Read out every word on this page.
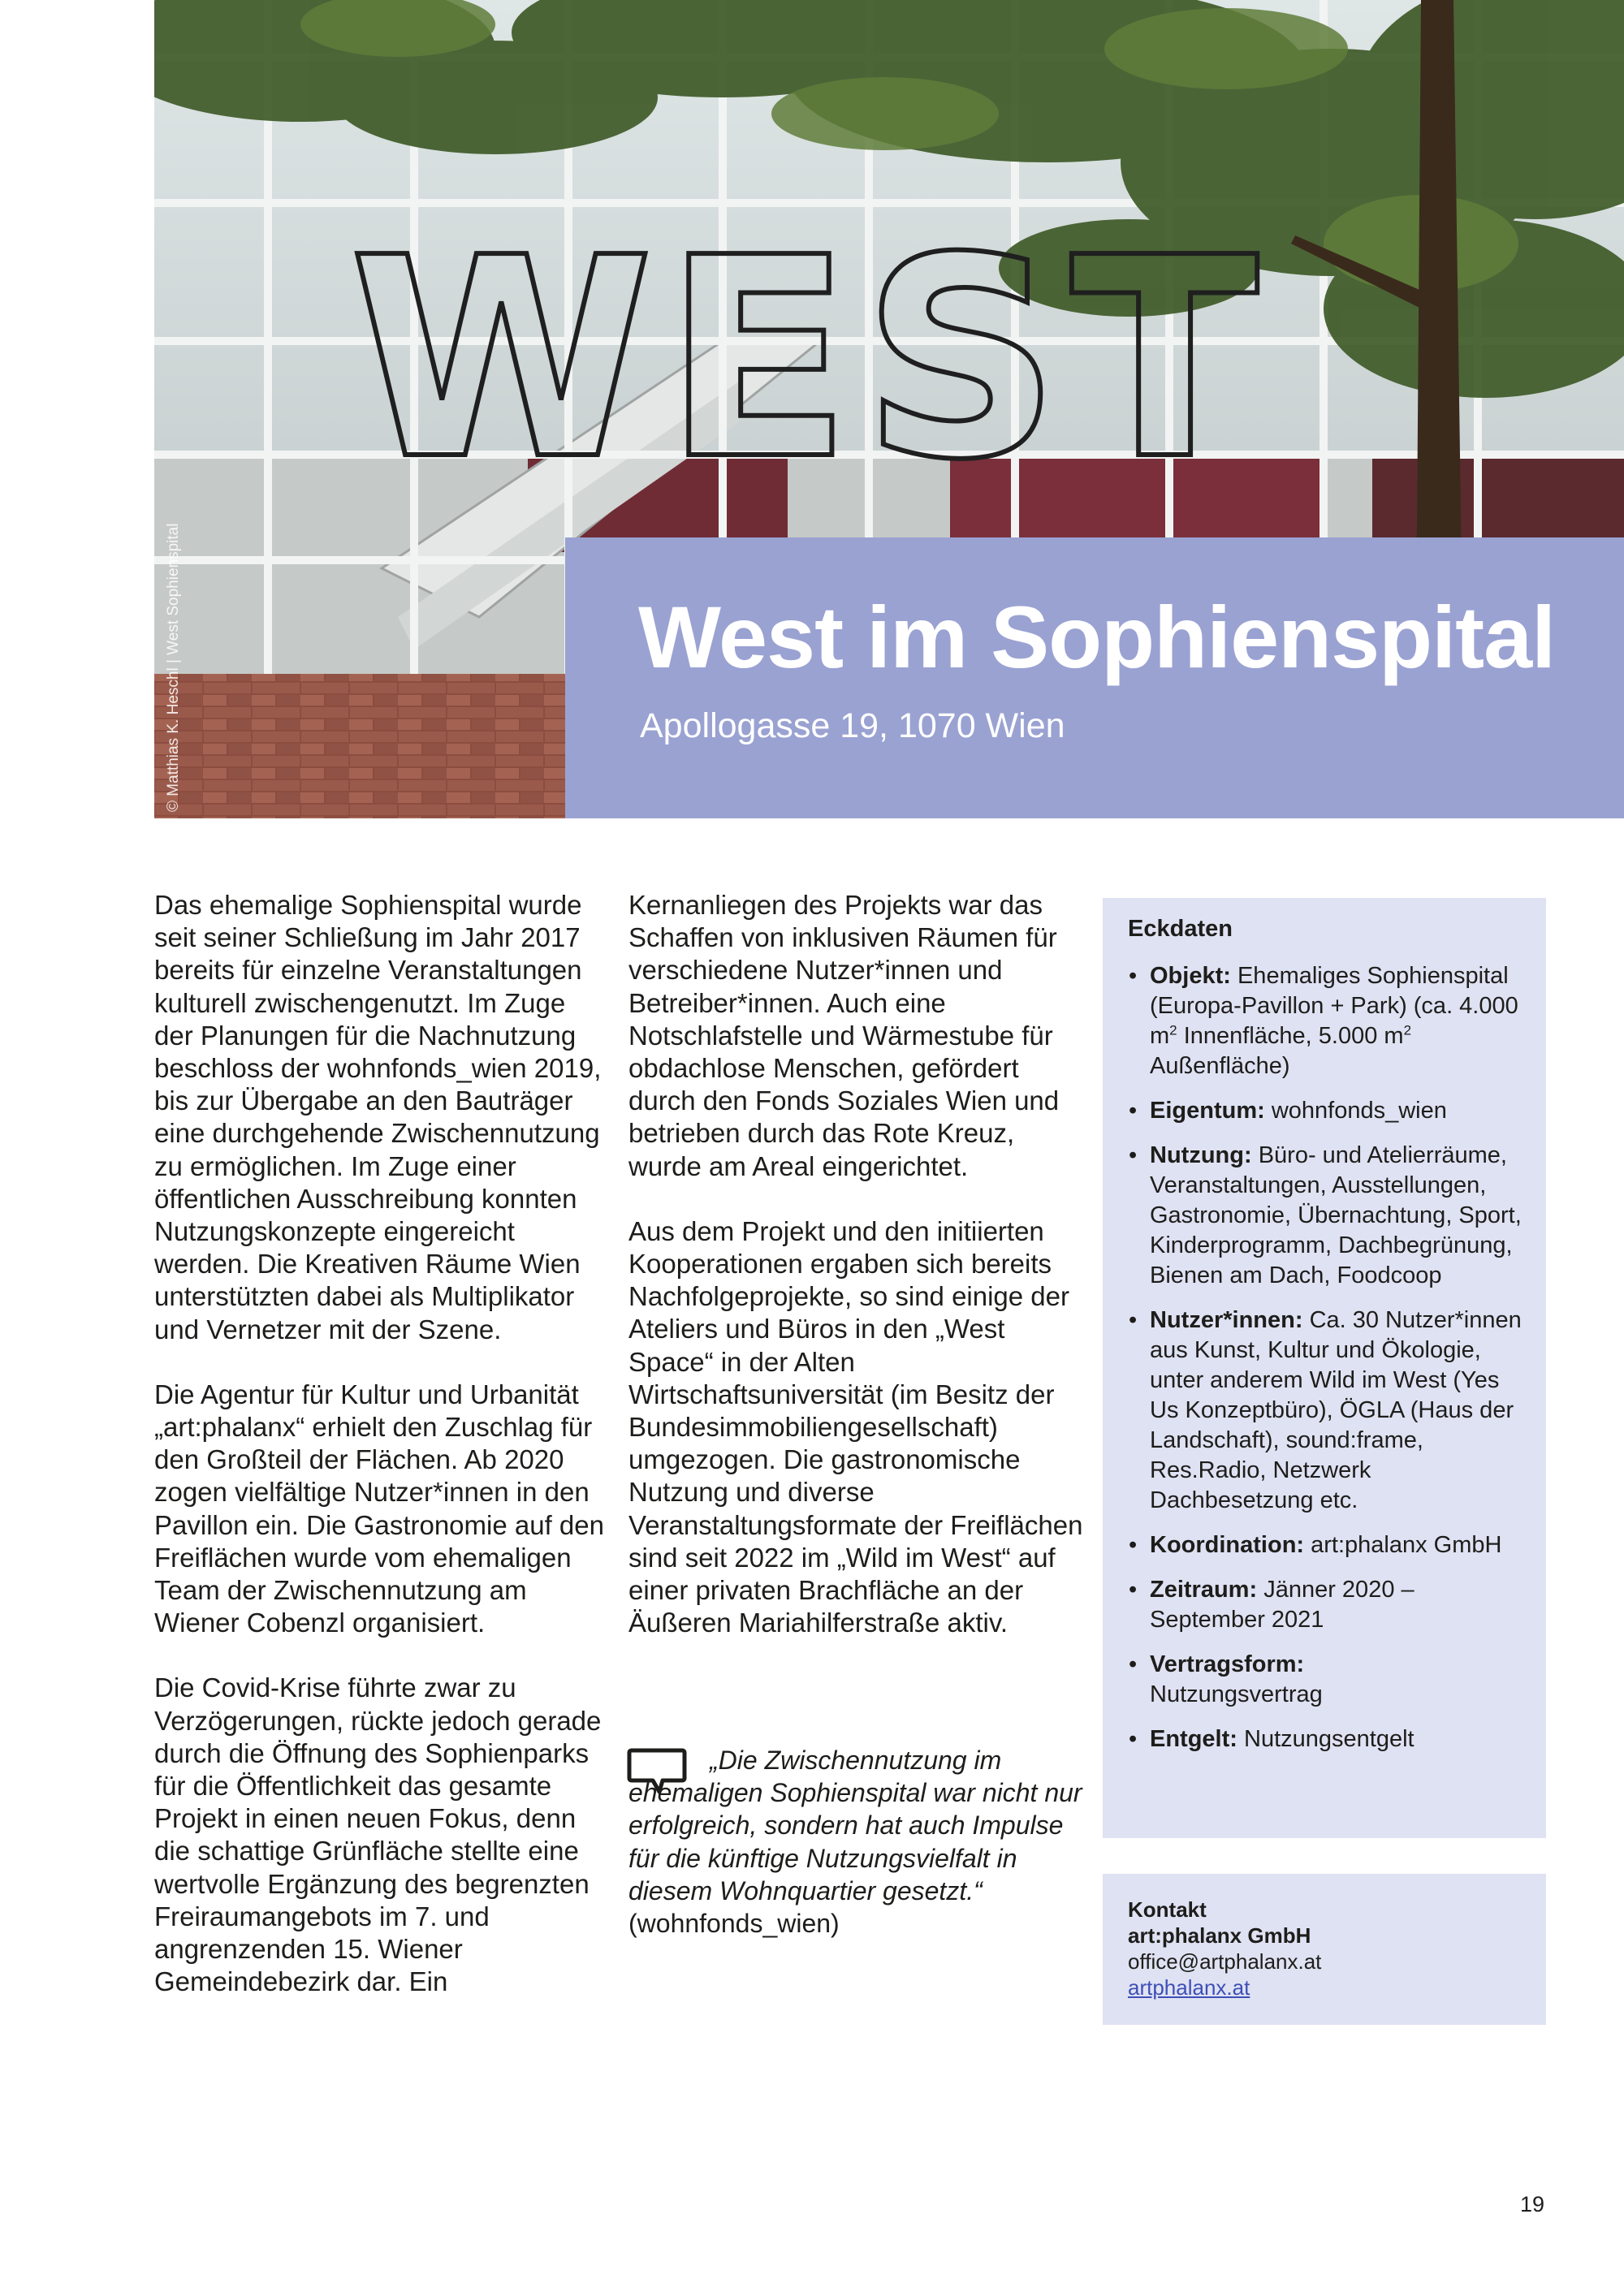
WEST
© Matthias K. Heschl | West Sophienspital	West im Sophienspital
Apollogasse 19, 1070 Wien

Das ehemalige Sophienspital wurde seit seiner Schließung im Jahr 2017 bereits für einzelne Veranstaltungen kulturell zwischengenutzt. Im Zuge der Planungen für die Nachnutzung beschloss der wohnfonds_wien 2019, bis zur Übergabe an den Bauträger eine durchgehende Zwischennutzung zu ermöglichen. Im Zuge einer öffentlichen Ausschreibung konnten Nutzungskonzepte eingereicht werden. Die Kreativen Räume Wien unterstützten dabei als Multiplikator und Vernetzer mit der Szene.

Die Agentur für Kultur und Urbanität „art:phalanx“ erhielt den Zuschlag für den Großteil der Flächen. Ab 2020 zogen vielfältige Nutzer*innen in den Pavillon ein. Die Gastronomie auf den Freiflächen wurde vom ehemaligen Team der Zwischennutzung am Wiener Cobenzl organisiert.

Die Covid-Krise führte zwar zu Verzögerungen, rückte jedoch gerade durch die Öffnung des Sophienparks für die Öffentlichkeit das gesamte Projekt in einen neuen Fokus, denn die schattige Grünfläche stellte eine wertvolle Ergänzung des begrenzten Freiraumangebots im 7. und angrenzenden 15. Wiener Gemeindebezirk dar. Ein

Kernanliegen des Projekts war das Schaffen von inklusiven Räumen für verschiedene Nutzer*innen und Betreiber*innen. Auch eine Notschlafstelle und Wärmestube für obdachlose Menschen, gefördert durch den Fonds Soziales Wien und betrieben durch das Rote Kreuz, wurde am Areal eingerichtet.

Aus dem Projekt und den initiierten Kooperationen ergaben sich bereits Nachfolgeprojekte, so sind einige der Ateliers und Büros in den „West Space“ in der Alten Wirtschaftsuniversität (im Besitz der Bundesimmobiliengesellschaft) umgezogen. Die gastronomische Nutzung und diverse Veranstaltungsformate der Freiflächen sind seit 2022 im „Wild im West“ auf einer privaten Brachfläche an der Äußeren Mariahilferstraße aktiv.

„Die Zwischennutzung im ehemaligen Sophienspital war nicht nur erfolgreich, sondern hat auch Impulse für die künftige Nutzungsvielfalt in diesem Wohnquartier gesetzt.“

(wohnfonds_wien)

Eckdaten
• Objekt: Ehemaliges Sophienspital (Europa-Pavillon + Park) (ca. 4.000 $m^2$ Innenfläche, 5.000 $m^2$ Außenfläche)
• Eigentum: wohnfonds_wien
• Nutzung: Büro- und Atelierräume, Veranstaltungen, Ausstellungen, Gastronomie, Übernachtung, Sport, Kinderprogramm, Dachbegrünung, Bienen am Dach, Foodcoop
• Nutzer*innen: Ca. 30 Nutzer*innen aus Kunst, Kultur und Ökologie, unter anderem Wild im West (Yes Us Konzeptbüro), ÖGLA (Haus der Landschaft), sound:frame, Res.Radio, Netzwerk Dachbesetzung etc.
• Koordination: art:phalanx GmbH
• Zeitraum: Jänner 2020 – September 2021
• Vertragsform:
Nutzungsvertrag
• Entgelt: Nutzungsentgelt
Kontakt
art:phalanx GmbH
office@artphalanx.at
artphalanx.at
19
